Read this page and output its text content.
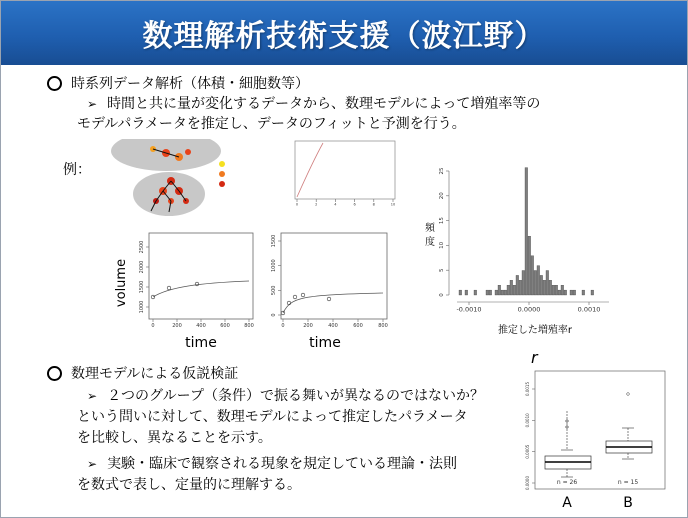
数理解析技術支援（波江野）
時系列データ解析（体積・細胞数等）
➢ 時間と共に量が変化するデータから、数理モデルによって増殖率等の
モデルパラメータを推定し、データのフィットと予測を行う。
例：
0	2	4	6	8	10
volume 1000
1500
2000
2500
0	200	400	600	800
time
0
500
1000
1500
0	200	400	600	800
time
頻
度
0
5
10
15
20
25
-0.0010	0.0000	0.0010
推定した増殖率r
数理モデルによる仮説検証
➢ ２つのグループ（条件）で振る舞いが異なるのではないか？
という問いに対して、数理モデルによって推定したパラメータ
を比較し、異なることを示す。
➢ 実験・臨床で観察される現象を規定している理論・法則
を数式で表し、定量的に理解する。
r
0.0000
0.0005
0.0010
0.0015
n = 26	n = 15
A	B
